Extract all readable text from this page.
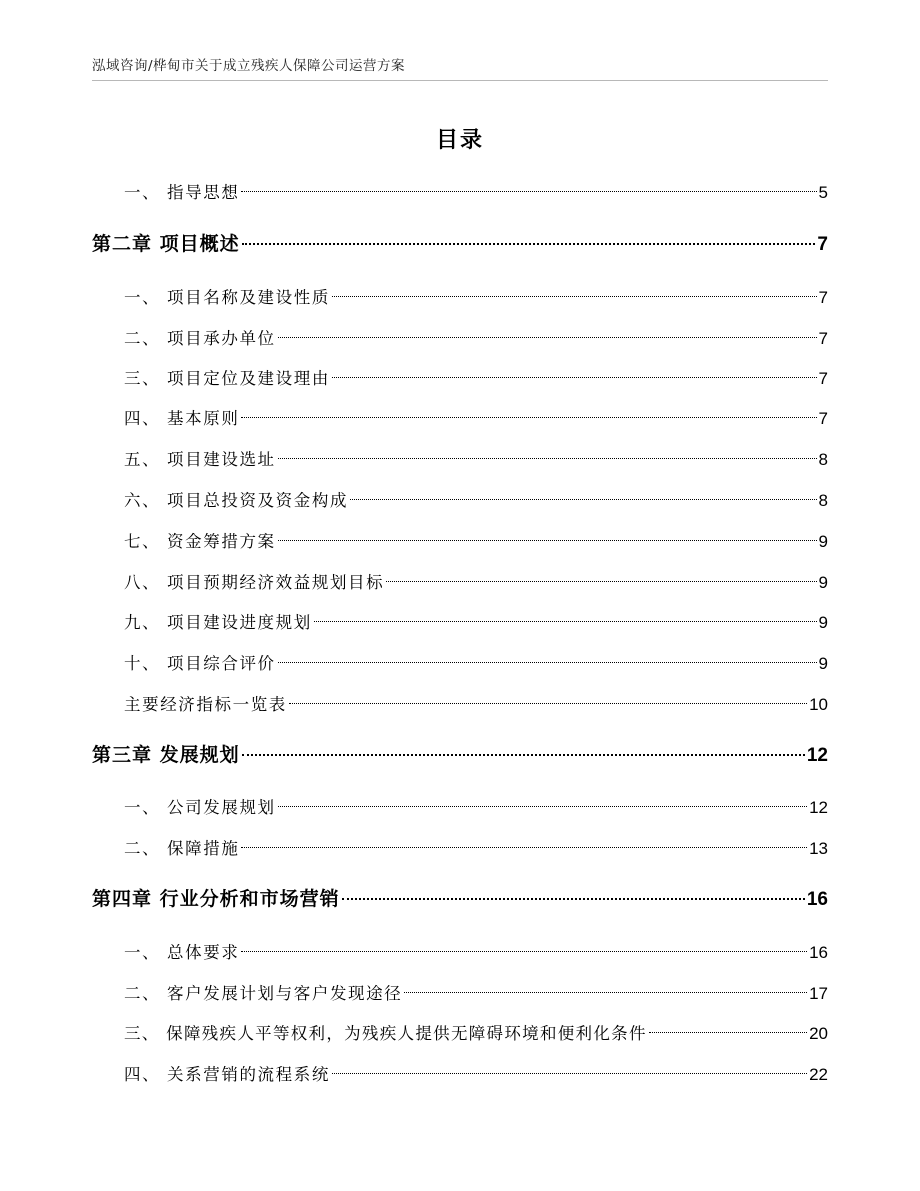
泓域咨询/桦甸市关于成立残疾人保障公司运营方案
目录
一、 指导思想	5
第二章 项目概述	7
一、 项目名称及建设性质	7
二、 项目承办单位	7
三、 项目定位及建设理由	7
四、 基本原则	7
五、 项目建设选址	8
六、 项目总投资及资金构成	8
七、 资金筹措方案	9
八、 项目预期经济效益规划目标	9
九、 项目建设进度规划	9
十、 项目综合评价	9
主要经济指标一览表	10
第三章 发展规划	12
一、 公司发展规划	12
二、 保障措施	13
第四章 行业分析和市场营销	16
一、 总体要求	16
二、 客户发展计划与客户发现途径	17
三、 保障残疾人平等权利，为残疾人提供无障碍环境和便利化条件	20
四、 关系营销的流程系统	22
